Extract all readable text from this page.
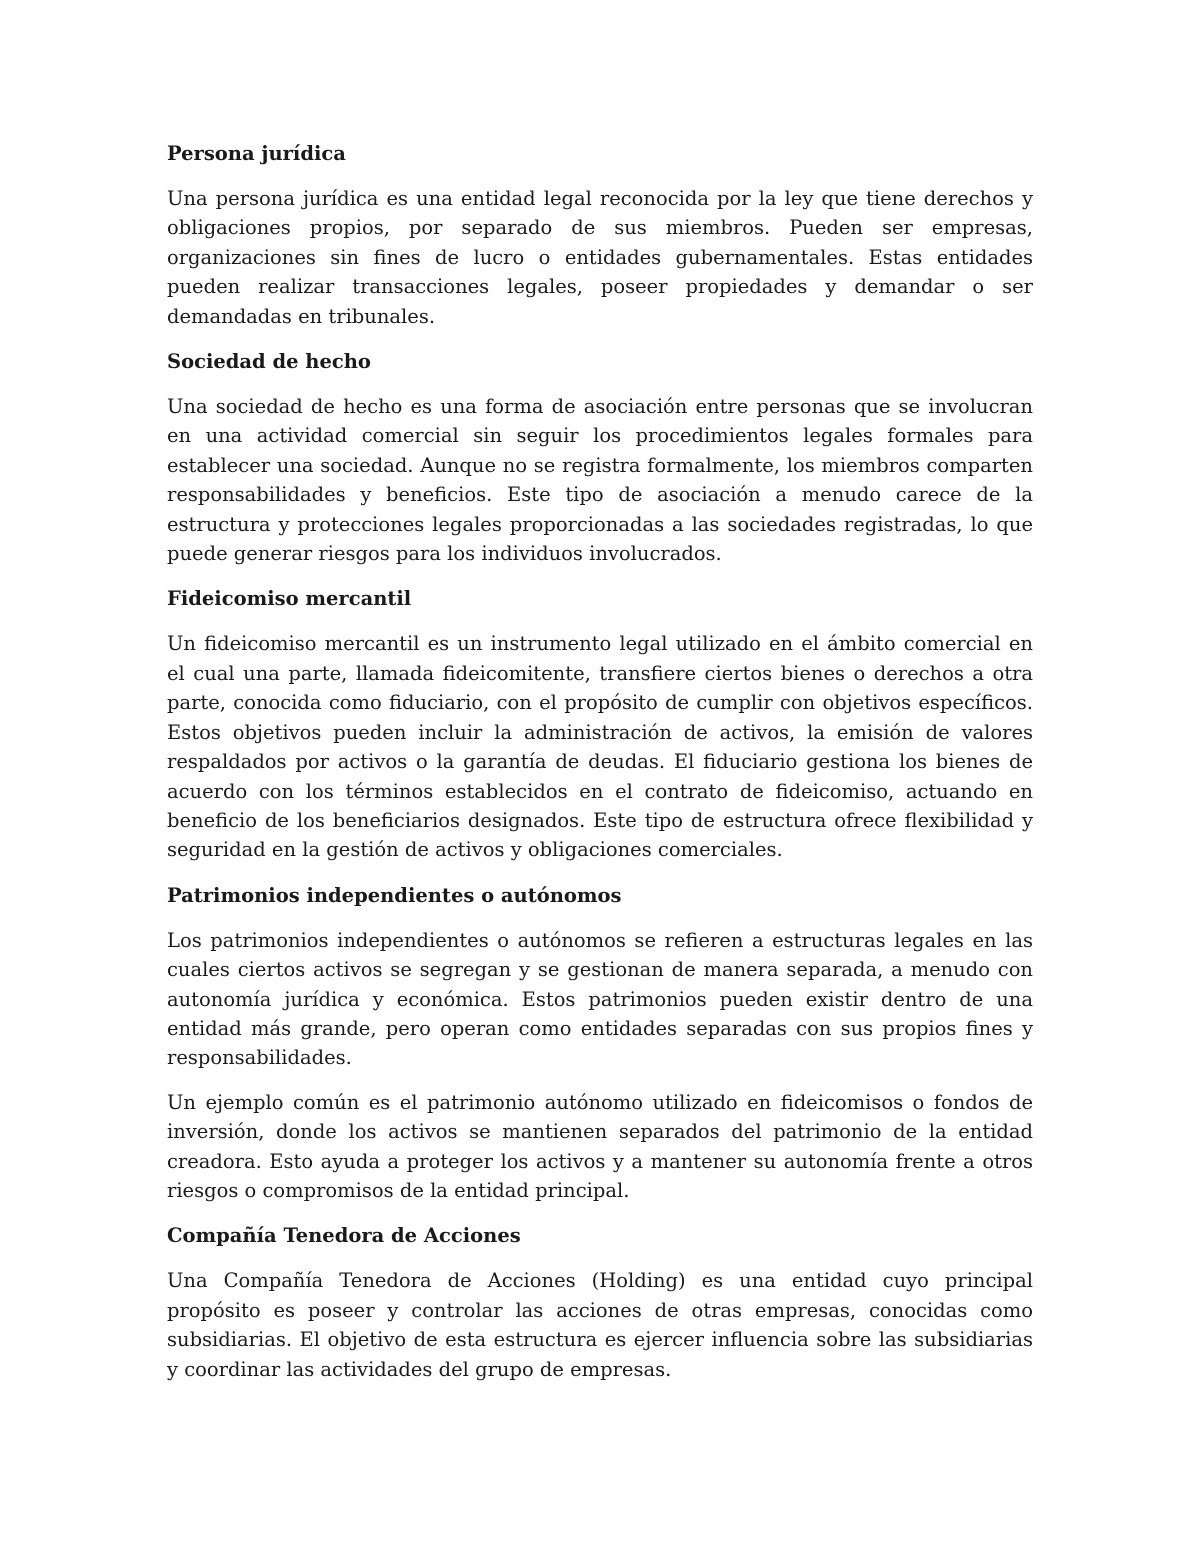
Persona jurídica

Una persona jurídica es una entidad legal reconocida por la ley que tiene derechos y obligaciones propios, por separado de sus miembros. Pueden ser empresas, organizaciones sin fines de lucro o entidades gubernamentales. Estas entidades pueden realizar transacciones legales, poseer propiedades y demandar o ser demandadas en tribunales.

Sociedad de hecho

Una sociedad de hecho es una forma de asociación entre personas que se involucran en una actividad comercial sin seguir los procedimientos legales formales para establecer una sociedad. Aunque no se registra formalmente, los miembros comparten responsabilidades y beneficios. Este tipo de asociación a menudo carece de la estructura y protecciones legales proporcionadas a las sociedades registradas, lo que puede generar riesgos para los individuos involucrados.

Fideicomiso mercantil

Un fideicomiso mercantil es un instrumento legal utilizado en el ámbito comercial en el cual una parte, llamada fideicomitente, transfiere ciertos bienes o derechos a otra parte, conocida como fiduciario, con el propósito de cumplir con objetivos específicos. Estos objetivos pueden incluir la administración de activos, la emisión de valores respaldados por activos o la garantía de deudas. El fiduciario gestiona los bienes de acuerdo con los términos establecidos en el contrato de fideicomiso, actuando en beneficio de los beneficiarios designados. Este tipo de estructura ofrece flexibilidad y seguridad en la gestión de activos y obligaciones comerciales.

Patrimonios independientes o autónomos

Los patrimonios independientes o autónomos se refieren a estructuras legales en las cuales ciertos activos se segregan y se gestionan de manera separada, a menudo con autonomía jurídica y económica. Estos patrimonios pueden existir dentro de una entidad más grande, pero operan como entidades separadas con sus propios fines y responsabilidades.

Un ejemplo común es el patrimonio autónomo utilizado en fideicomisos o fondos de inversión, donde los activos se mantienen separados del patrimonio de la entidad creadora. Esto ayuda a proteger los activos y a mantener su autonomía frente a otros riesgos o compromisos de la entidad principal.

Compañía Tenedora de Acciones

Una Compañía Tenedora de Acciones (Holding) es una entidad cuyo principal propósito es poseer y controlar las acciones de otras empresas, conocidas como subsidiarias. El objetivo de esta estructura es ejercer influencia sobre las subsidiarias y coordinar las actividades del grupo de empresas.
